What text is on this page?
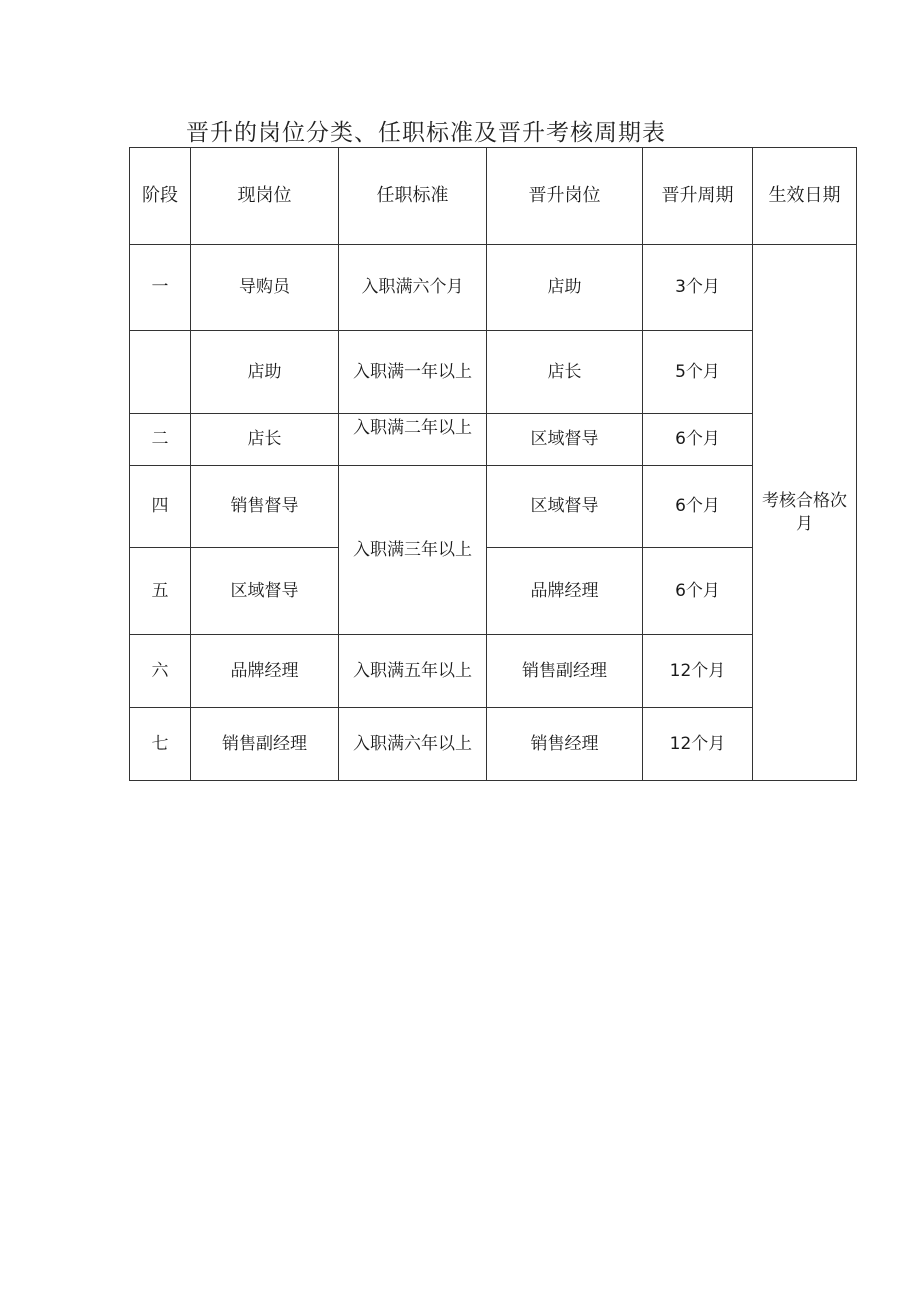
晋升的岗位分类、任职标准及晋升考核周期表
阶段	现岗位	任职标准	晋升岗位	晋升周期	生效日期
一	导购员	入职满六个月	店助	3个月	考核合格次
月

	店助	入职满一年以上	店长	5个月	
二	店长	入职满二年以上	区域督导	6个月	
四	销售督导	入职满三年以上	区域督导	6个月	
五	区域督导		品牌经理	6个月	
六	品牌经理	入职满五年以上	销售副经理	12个月	
七	销售副经理	入职满六年以上	销售经理	12个月	
